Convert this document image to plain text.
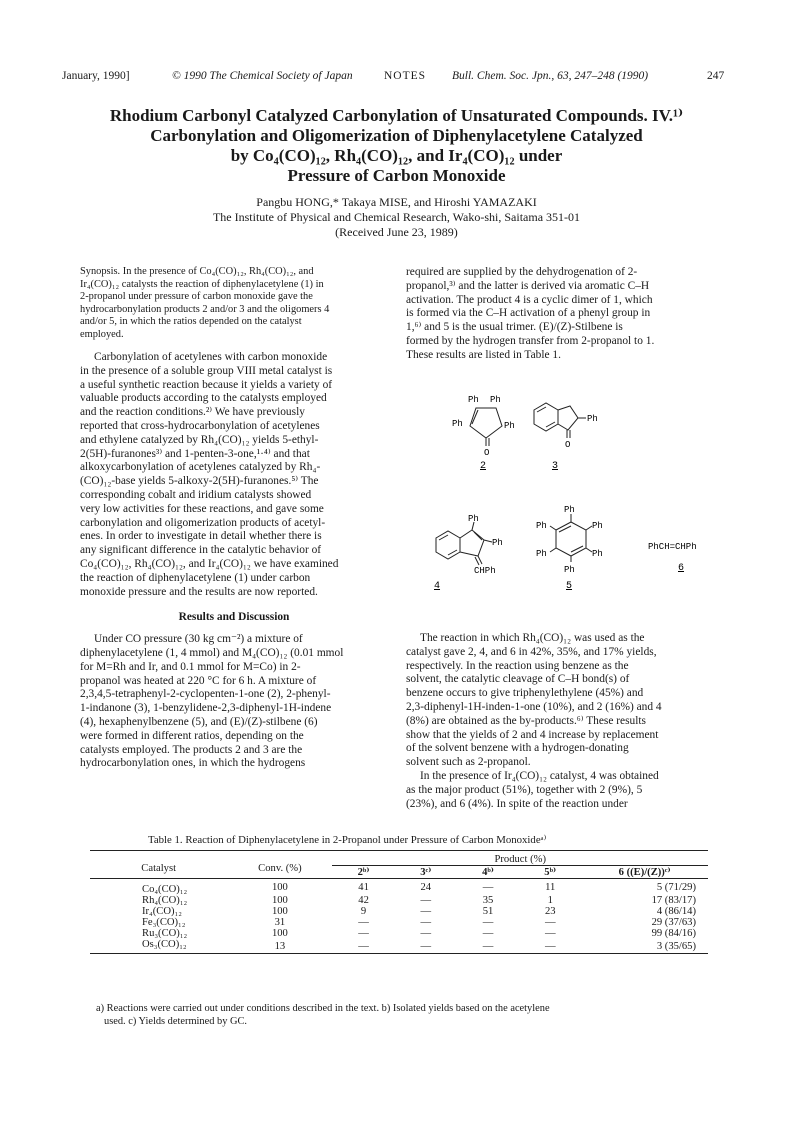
January, 1990]	© 1990 The Chemical Society of Japan	NOTES Bull. Chem. Soc. Jpn., 63, 247–248 (1990)	247
Rhodium Carbonyl Catalyzed Carbonylation of Unsaturated Compounds. IV.¹⁾
Carbonylation and Oligomerization of Diphenylacetylene Catalyzed
by Co₄(CO)₁₂, Rh₄(CO)₁₂, and Ir₄(CO)₁₂ under
Pressure of Carbon Monoxide
Pangbu HONG,* Takaya MISE, and Hiroshi YAMAZAKI
The Institute of Physical and Chemical Research, Wako-shi, Saitama 351-01
(Received June 23, 1989)
Synopsis. In the presence of Co₄(CO)₁₂, Rh₄(CO)₁₂, and
Ir₄(CO)₁₂ catalysts the reaction of diphenylacetylene (1) in
2-propanol under pressure of carbon monoxide gave the
hydrocarbonylation products 2 and/or 3 and the oligomers 4
and/or 5, in which the ratios depended on the catalyst
employed.
Carbonylation of acetylenes with carbon monoxide
in the presence of a soluble group VIII metal catalyst is
a useful synthetic reaction because it yields a variety of
valuable products according to the catalysts employed
and the reaction conditions.²⁾ We have previously
reported that cross-hydrocarbonylation of acetylenes
and ethylene catalyzed by Rh₄(CO)₁₂ yields 5-ethyl-
2(5H)-furanones³⁾ and 1-penten-3-one,¹·⁴⁾ and that
alkoxycarbonylation of acetylenes catalyzed by Rh₄-
(CO)₁₂-base yields 5-alkoxy-2(5H)-furanones.⁵⁾ The
corresponding cobalt and iridium catalysts showed
very low activities for these reactions, and gave some
carbonylation and oligomerization products of acetyl-
enes. In order to investigate in detail whether there is
any significant difference in the catalytic behavior of
Co₄(CO)₁₂, Rh₄(CO)₁₂, and Ir₄(CO)₁₂ we have examined
the reaction of diphenylacetylene (1) under carbon
monoxide pressure and the results are now reported.

Results and Discussion

Under CO pressure (30 kg cm⁻²) a mixture of
diphenylacetylene (1, 4 mmol) and M₄(CO)₁₂ (0.01 mmol
for M=Rh and Ir, and 0.1 mmol for M=Co) in 2-
propanol was heated at 220 °C for 6 h. A mixture of
2,3,4,5-tetraphenyl-2-cyclopenten-1-one (2), 2-phenyl-
1-indanone (3), 1-benzylidene-2,3-diphenyl-1H-indene
(4), hexaphenylbenzene (5), and (E)/(Z)-stilbene (6)
were formed in different ratios, depending on the
catalysts employed. The products 2 and 3 are the
hydrocarbonylation ones, in which the hydrogens
required are supplied by the dehydrogenation of 2-
propanol,³⁾ and the latter is derived via aromatic C–H
activation. The product 4 is a cyclic dimer of 1, which
is formed via the C–H activation of a phenyl group in
1,⁶⁾ and 5 is the usual trimer. (E)/(Z)-Stilbene is
formed by the hydrogen transfer from 2-propanol to 1.
These results are listed in Table 1.
Ph Ph
Ph	Ph
O
Ph
O
Ph
Ph
CHPh
Ph
Ph
Ph
Ph
Ph
Ph
PhCH=CHPh
2	3
4	5
6
The reaction in which Rh₄(CO)₁₂ was used as the
catalyst gave 2, 4, and 6 in 42%, 35%, and 17% yields,
respectively. In the reaction using benzene as the
solvent, the catalytic cleavage of C–H bond(s) of
benzene occurs to give triphenylethylene (45%) and
2,3-diphenyl-1H-inden-1-one (10%), and 2 (16%) and 4
(8%) are obtained as the by-products.⁶⁾ These results
show that the yields of 2 and 4 increase by replacement
of the solvent benzene with a hydrogen-donating
solvent such as 2-propanol.
In the presence of Ir₄(CO)₁₂ catalyst, 4 was obtained
as the major product (51%), together with 2 (9%), 5
(23%), and 6 (4%). In spite of the reaction under
Table 1. Reaction of Diphenylacetylene in 2-Propanol under Pressure of Carbon Monoxideᵃ⁾
Catalyst	Conv. (%)	Product (%)				
		2ᵇ⁾	3ᶜ⁾	4ᵇ⁾	5ᵇ⁾	6 ((E)/(Z))ᶜ⁾
Co₄(CO)₁₂	100	41	24	—	11	5 (71/29)
Rh₄(CO)₁₂	100	42	—	35	1	17 (83/17)
Ir₄(CO)₁₂	100	9	—	51	23	4 (86/14)
Fe₃(CO)₁₂	31	—	—	—	—	29 (37/63)
Ru₃(CO)₁₂	100	—	—	—	—	99 (84/16)
Os₃(CO)₁₂	13	—	—	—	—	3 (35/65)
a) Reactions were carried out under conditions described in the text. b) Isolated yields based on the acetylene
used. c) Yields determined by GC.
